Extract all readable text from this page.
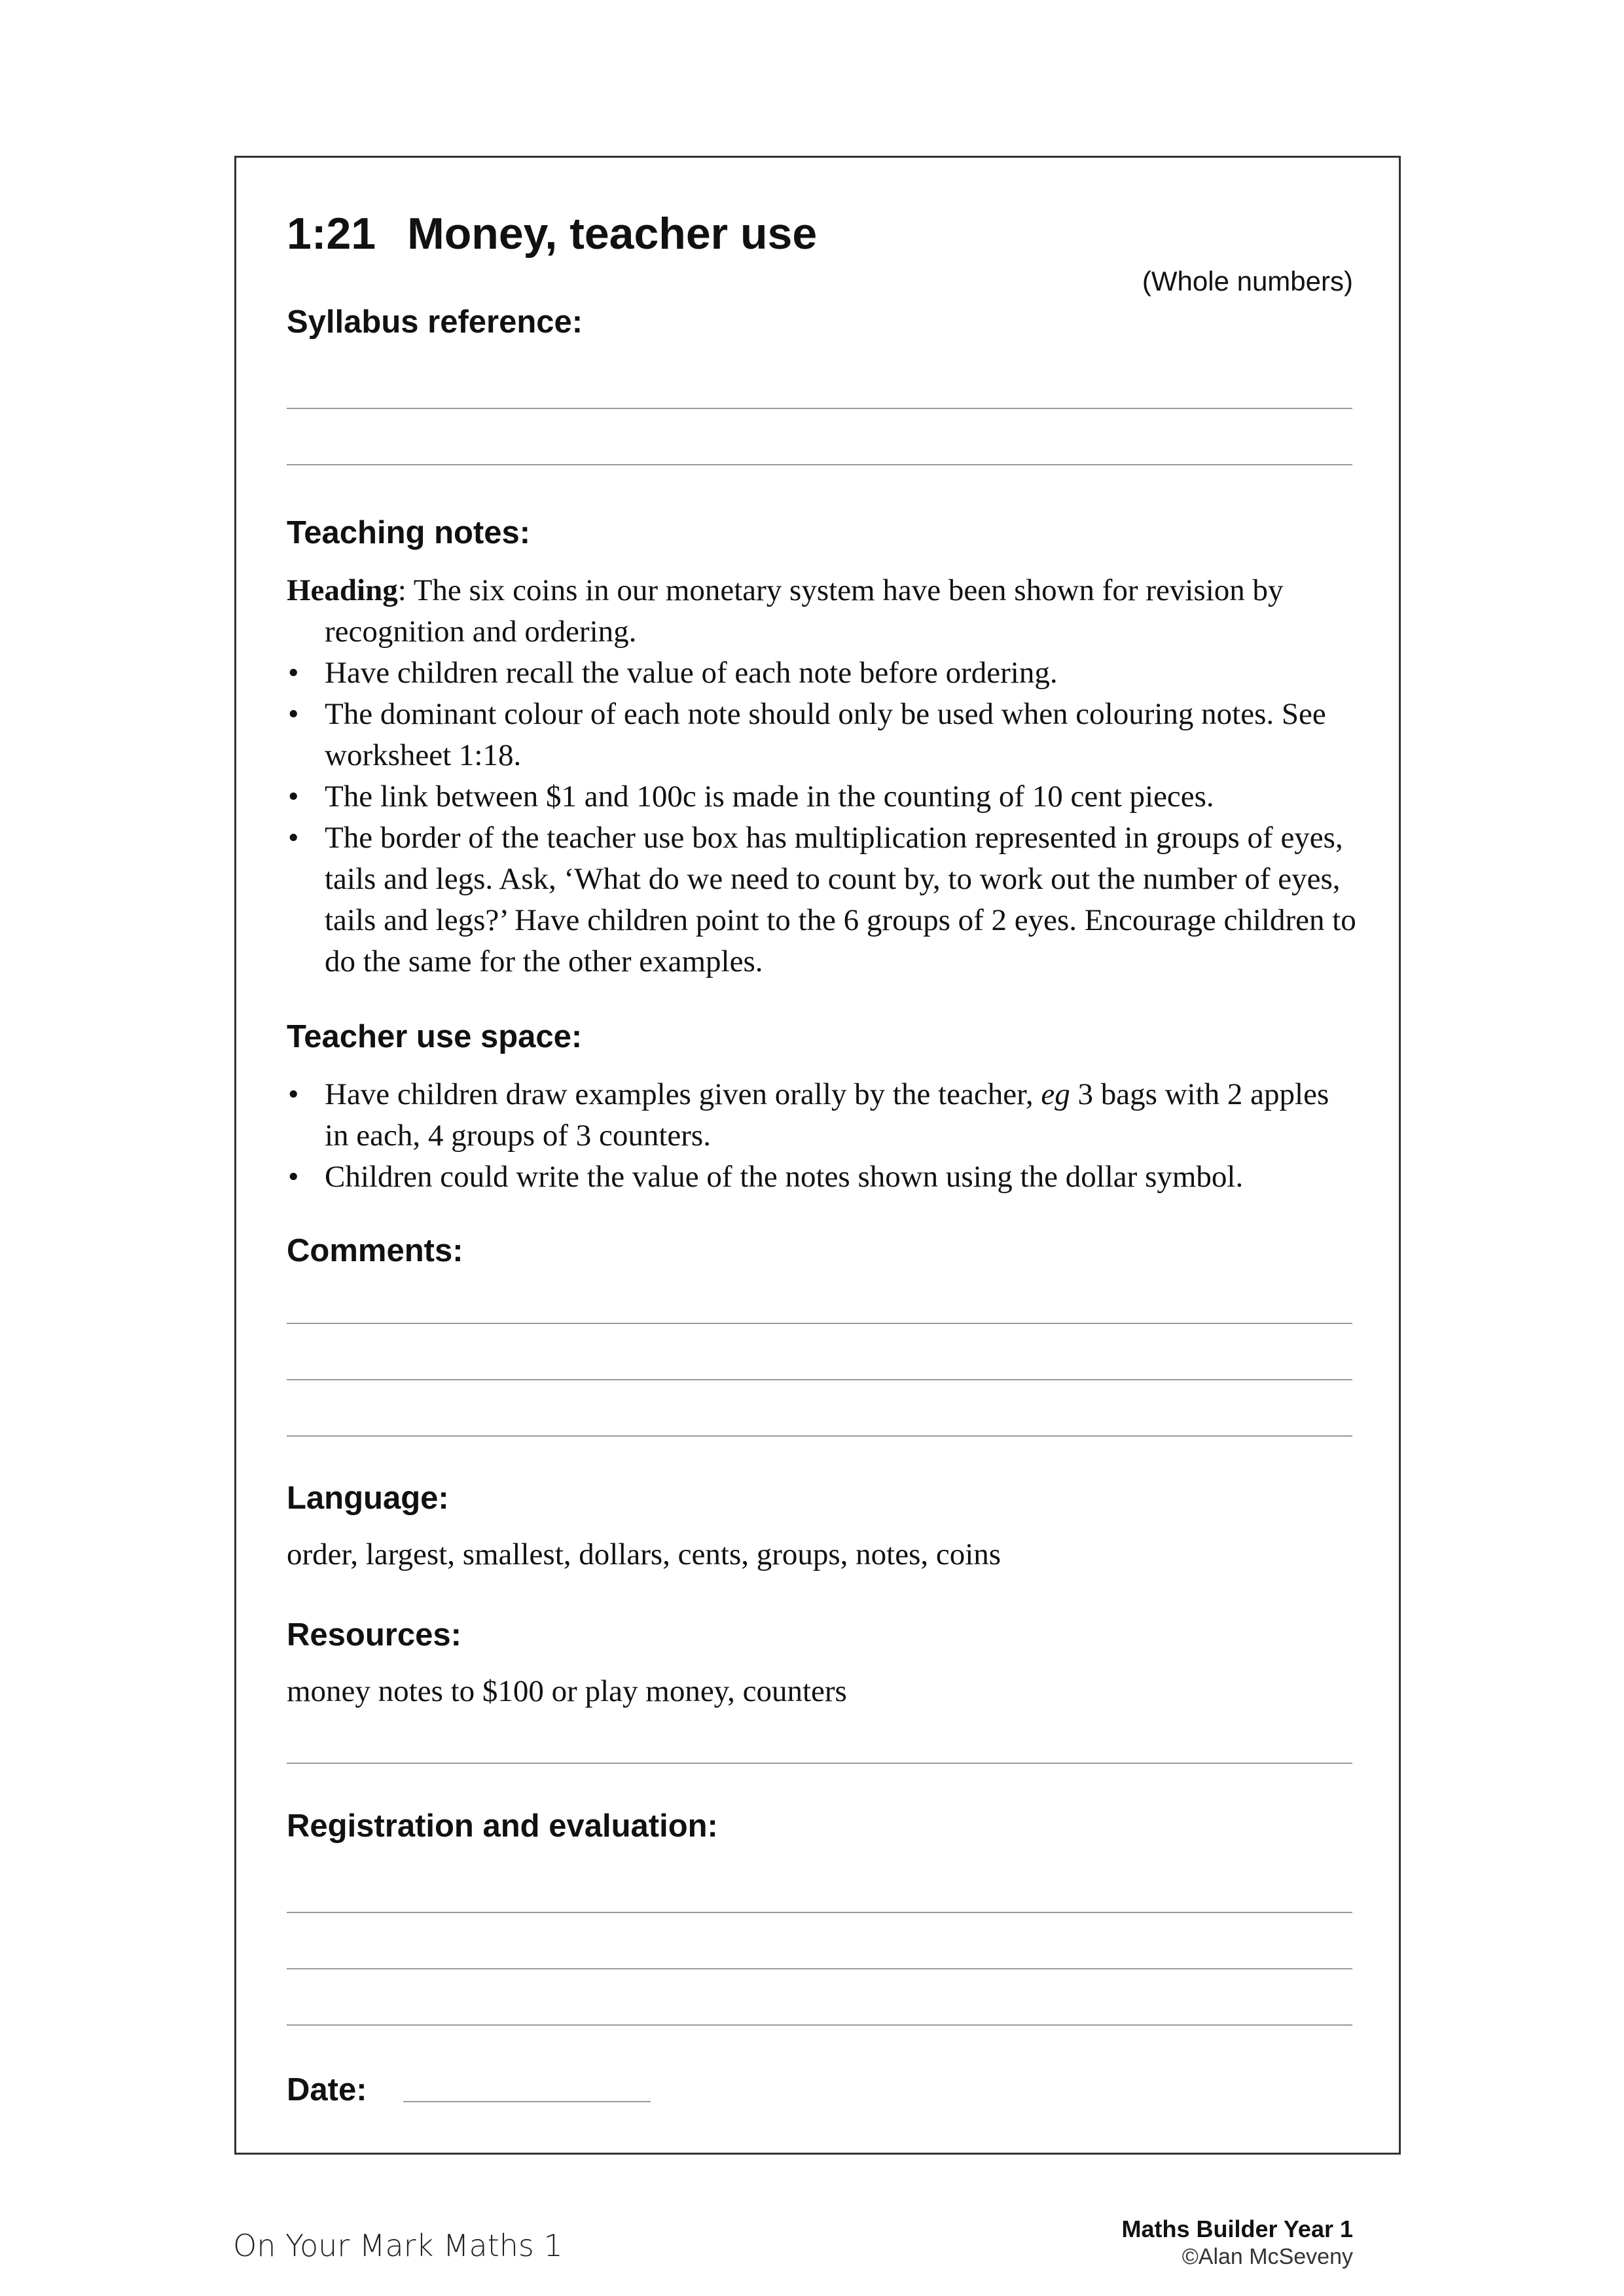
1:21 Money, teacher use
(Whole numbers)
Syllabus reference:
Teaching notes:

Heading: The six coins in our monetary system have been shown for revision by recognition and ordering.

• Have children recall the value of each note before ordering.
• The dominant colour of each note should only be used when colouring notes. See worksheet 1:18.
• The link between $1 and 100c is made in the counting of 10 cent pieces.
• The border of the teacher use box has multiplication represented in groups of eyes, tails and legs. Ask, ‘What do we need to count by, to work out the number of eyes, tails and legs?’ Have children point to the 6 groups of 2 eyes. Encourage children to do the same for the other examples.
Teacher use space:
• Have children draw examples given orally by the teacher, eg 3 bags with 2 apples in each, 4 groups of 3 counters.
• Children could write the value of the notes shown using the dollar symbol.
Comments:
Language:
order, largest, smallest, dollars, cents, groups, notes, coins
Resources:
money notes to $100 or play money, counters
Registration and evaluation:
Date:
On Your Mark Maths 1	Maths Builder Year 1
©Alan McSeveny
